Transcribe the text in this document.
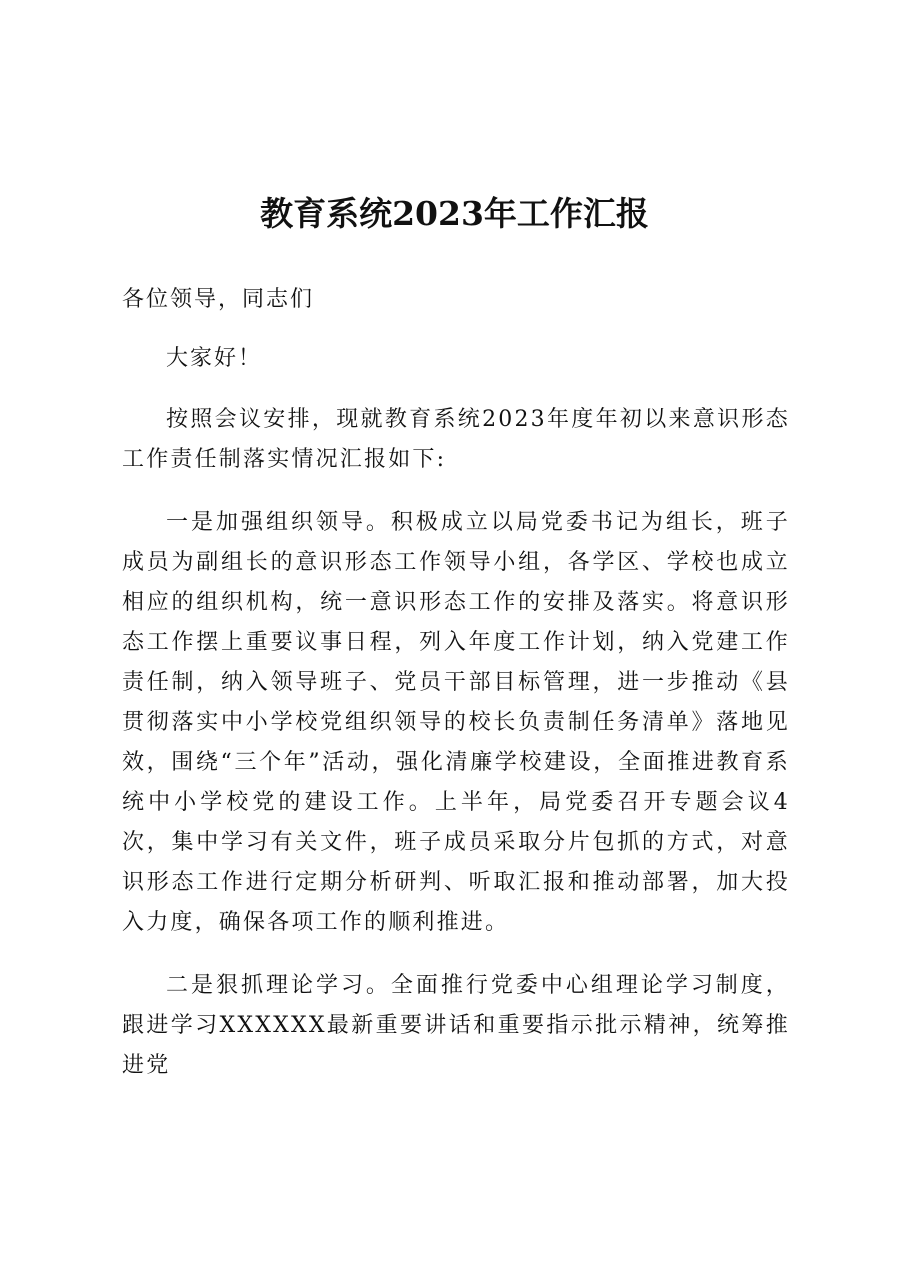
教育系统2023年工作汇报

各位领导，同志们

大家好！

按照会议安排，现就教育系统2023年度年初以来意识形态工作责任制落实情况汇报如下:

一是加强组织领导。积极成立以局党委书记为组长，班子成员为副组长的意识形态工作领导小组，各学区、学校也成立相应的组织机构，统一意识形态工作的安排及落实。将意识形态工作摆上重要议事日程，列入年度工作计划，纳入党建工作责任制，纳入领导班子、党员干部目标管理，进一步推动《县贯彻落实中小学校党组织领导的校长负责制任务清单》落地见效，围绕“三个年”活动，强化清廉学校建设，全面推进教育系统中小学校党的建设工作。上半年，局党委召开专题会议4次，集中学习有关文件，班子成员采取分片包抓的方式，对意识形态工作进行定期分析研判、听取汇报和推动部署，加大投入力度，确保各项工作的顺利推进。

二是狠抓理论学习。全面推行党委中心组理论学习制度，跟进学习XXXXXX最新重要讲话和重要指示批示精神，统筹推进党
